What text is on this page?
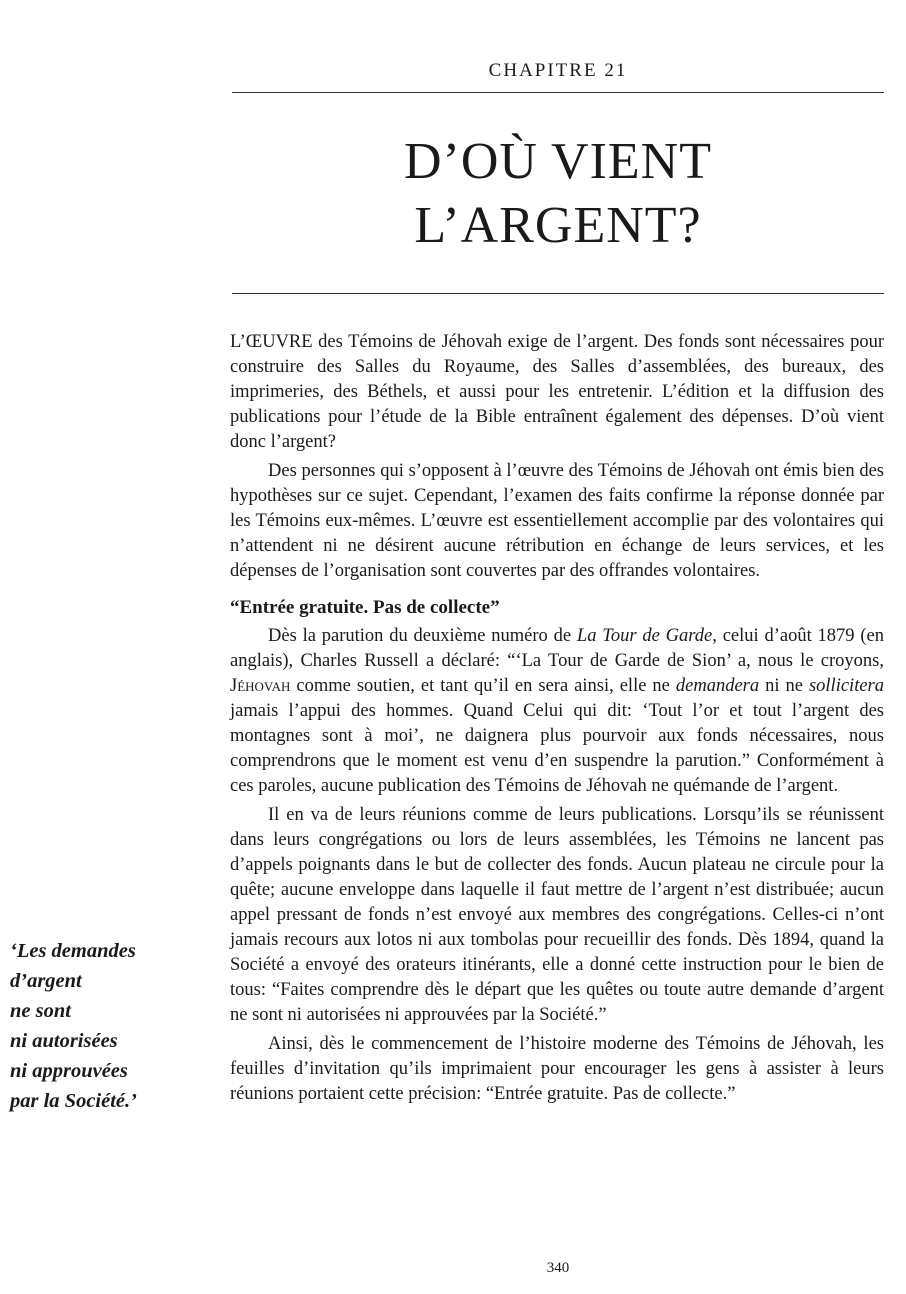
CHAPITRE 21
D’OÙ VIENT
L’ARGENT?

L’ŒUVRE des Témoins de Jéhovah exige de l’argent. Des fonds sont nécessaires pour construire des Salles du Royaume, des Salles d’assemblées, des bureaux, des imprimeries, des Béthels, et aussi pour les entretenir. L’édition et la diffusion des publications pour l’étude de la Bible entraînent également des dépenses. D’où vient donc l’argent?

Des personnes qui s’opposent à l’œuvre des Témoins de Jéhovah ont émis bien des hypothèses sur ce sujet. Cependant, l’examen des faits confirme la réponse donnée par les Témoins eux-mêmes. L’œuvre est essentiellement accomplie par des volontaires qui n’attendent ni ne désirent aucune rétribution en échange de leurs services, et les dépenses de l’organisation sont couvertes par des offrandes volontaires.

“Entrée gratuite. Pas de collecte”

Dès la parution du deuxième numéro de La Tour de Garde, celui d’août 1879 (en anglais), Charles Russell a déclaré: “‘La Tour de Garde de Sion’ a, nous le croyons, Jéhovah comme soutien, et tant qu’il en sera ainsi, elle ne demandera ni ne sollicitera jamais l’appui des hommes. Quand Celui qui dit: ‘Tout l’or et tout l’argent des montagnes sont à moi’, ne daignera plus pourvoir aux fonds nécessaires, nous comprendrons que le moment est venu d’en suspendre la parution.” Conformément à ces paroles, aucune publication des Témoins de Jéhovah ne quémande de l’argent.

Il en va de leurs réunions comme de leurs publications. Lorsqu’ils se réunissent dans leurs congrégations ou lors de leurs assemblées, les Témoins ne lancent pas d’appels poignants dans le but de collecter des fonds. Aucun plateau ne circule pour la quête; aucune enveloppe dans laquelle il faut mettre de l’argent n’est distribuée; aucun appel pressant de fonds n’est envoyé aux membres des congrégations. Celles-ci n’ont jamais recours aux lotos ni aux tombolas pour recueillir des fonds. Dès 1894, quand la Société a envoyé des orateurs itinérants, elle a donné cette instruction pour le bien de tous: “Faites comprendre dès le départ que les quêtes ou toute autre demande d’argent ne sont ni autorisées ni approuvées par la Société.”

Ainsi, dès le commencement de l’histoire moderne des Témoins de Jéhovah, les feuilles d’invitation qu’ils imprimaient pour encourager les gens à assister à leurs réunions portaient cette précision: “Entrée gratuite. Pas de collecte.”

‘Les demandes
d’argent
ne sont
ni autorisées
ni approuvées
par la Société.’
340
